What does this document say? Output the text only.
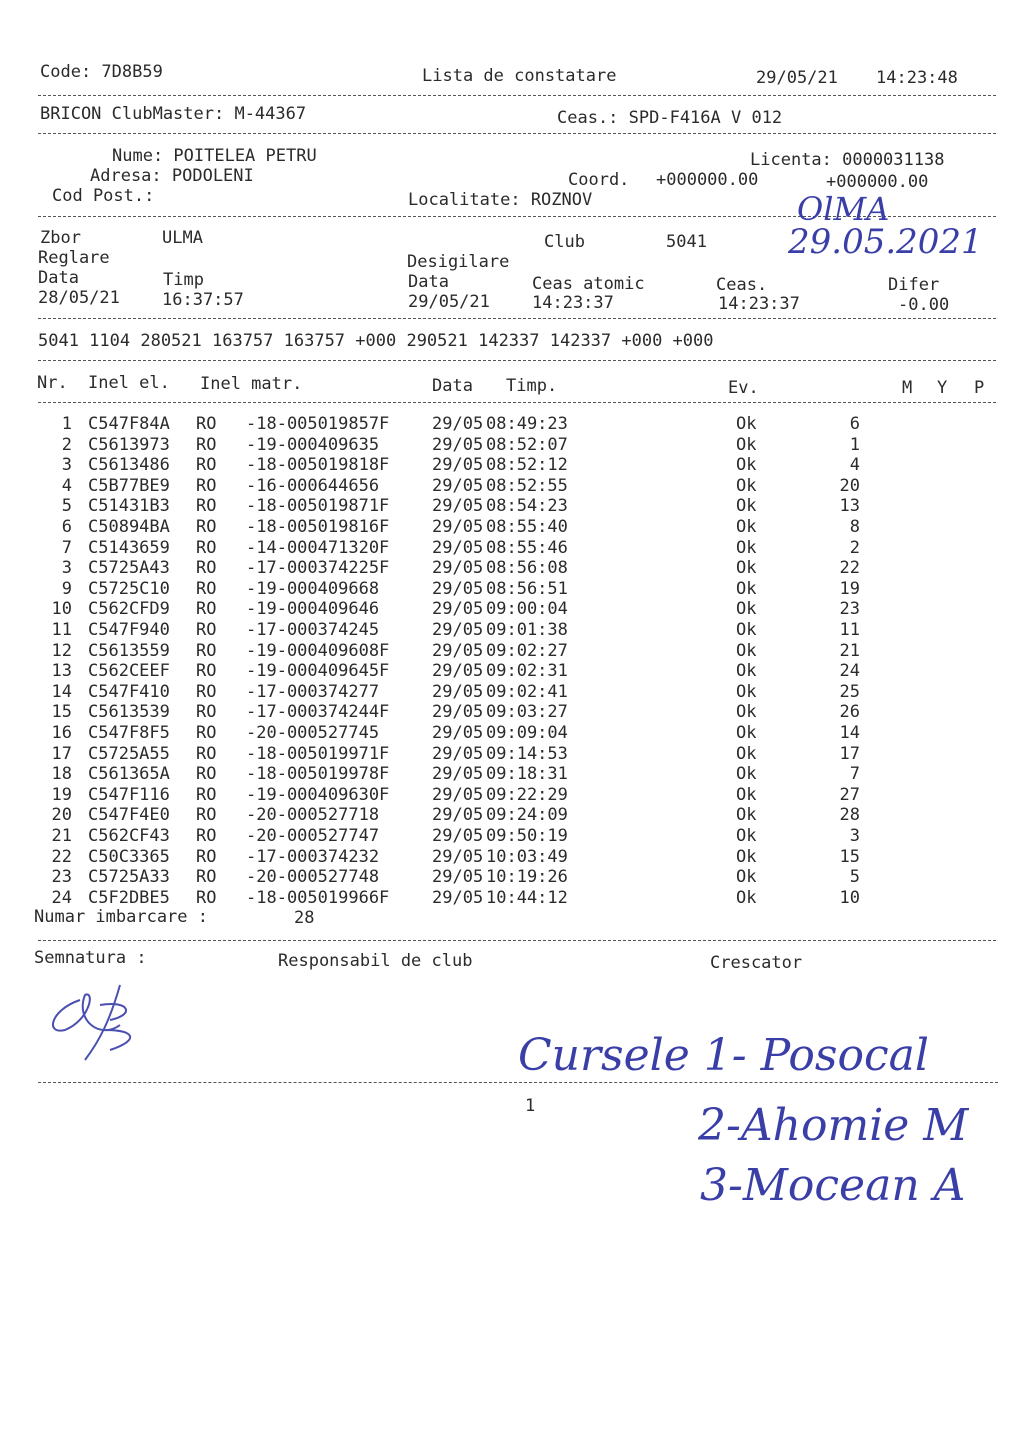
Code: 7D8B59	Lista de constatare	29/05/21 14:23:48
BRICON ClubMaster: M-44367	Ceas.: SPD-F416A V 012
Nume: POITELEA PETRU	Licenta: 0000031138
Adresa: PODOLENI	Coord. +000000.00	+000000.00
Cod Post.:	Localitate: ROZNOV
Zbor	ULMA	Club	5041
Reglare	Desigilare
Data	Timp	Data	Ceas atomic	Ceas.	Difer
28/05/21 16:37:57	29/05/21 14:23:37	14:23:37	-0.00
5041 1104 280521 163757 163757 +000 290521 142337 142337 +000 +000
Nr. Inel el. Inel matr.	Data Timp.	Ev.	M Y P
1 C547F84A RO -18-005019857F	29/05 08:49:23	Ok	6
2 C5613973 RO -19-000409635	29/05 08:52:07	Ok	1
3 C5613486 RO -18-005019818F	29/05 08:52:12	Ok	4
4 C5B77BE9 RO -16-000644656	29/05 08:52:55	Ok	20
5 C51431B3 RO -18-005019871F	29/05 08:54:23	Ok	13
6 C50894BA RO -18-005019816F	29/05 08:55:40	Ok	8
7 C5143659 RO -14-000471320F	29/05 08:55:46	Ok	2
3 C5725A43 RO -17-000374225F	29/05 08:56:08	Ok	22
9 C5725C10 RO -19-000409668	29/05 08:56:51	Ok	19
10 C562CFD9 RO -19-000409646	29/05 09:00:04	Ok	23
11 C547F940 RO -17-000374245	29/05 09:01:38	Ok	11
12 C5613559 RO -19-000409608F	29/05 09:02:27	Ok	21
13 C562CEEF RO -19-000409645F	29/05 09:02:31	Ok	24
14 C547F410 RO -17-000374277	29/05 09:02:41	Ok	25
15 C5613539 RO -17-000374244F	29/05 09:03:27	Ok	26
16 C547F8F5 RO -20-000527745	29/05 09:09:04	Ok	14
17 C5725A55 RO -18-005019971F	29/05 09:14:53	Ok	17
18 C561365A RO -18-005019978F	29/05 09:18:31	Ok	7
19 C547F116 RO -19-000409630F	29/05 09:22:29	Ok	27
20 C547F4E0 RO -20-000527718	29/05 09:24:09	Ok	28
21 C562CF43 RO -20-000527747	29/05 09:50:19	Ok	3
22 C50C3365 RO -17-000374232	29/05 10:03:49	Ok	15
23 C5725A33 RO -20-000527748	29/05 10:19:26	Ok	5
24 C5F2DBE5 RO -18-005019966F	29/05 10:44:12	Ok	10
Numar imbarcare :	28
Semnatura :	Responsabil de club	Crescator
1
OlMA
29.05.2021
Cursele 1- Posocal
2-Ahomie M
3-Mocean A
